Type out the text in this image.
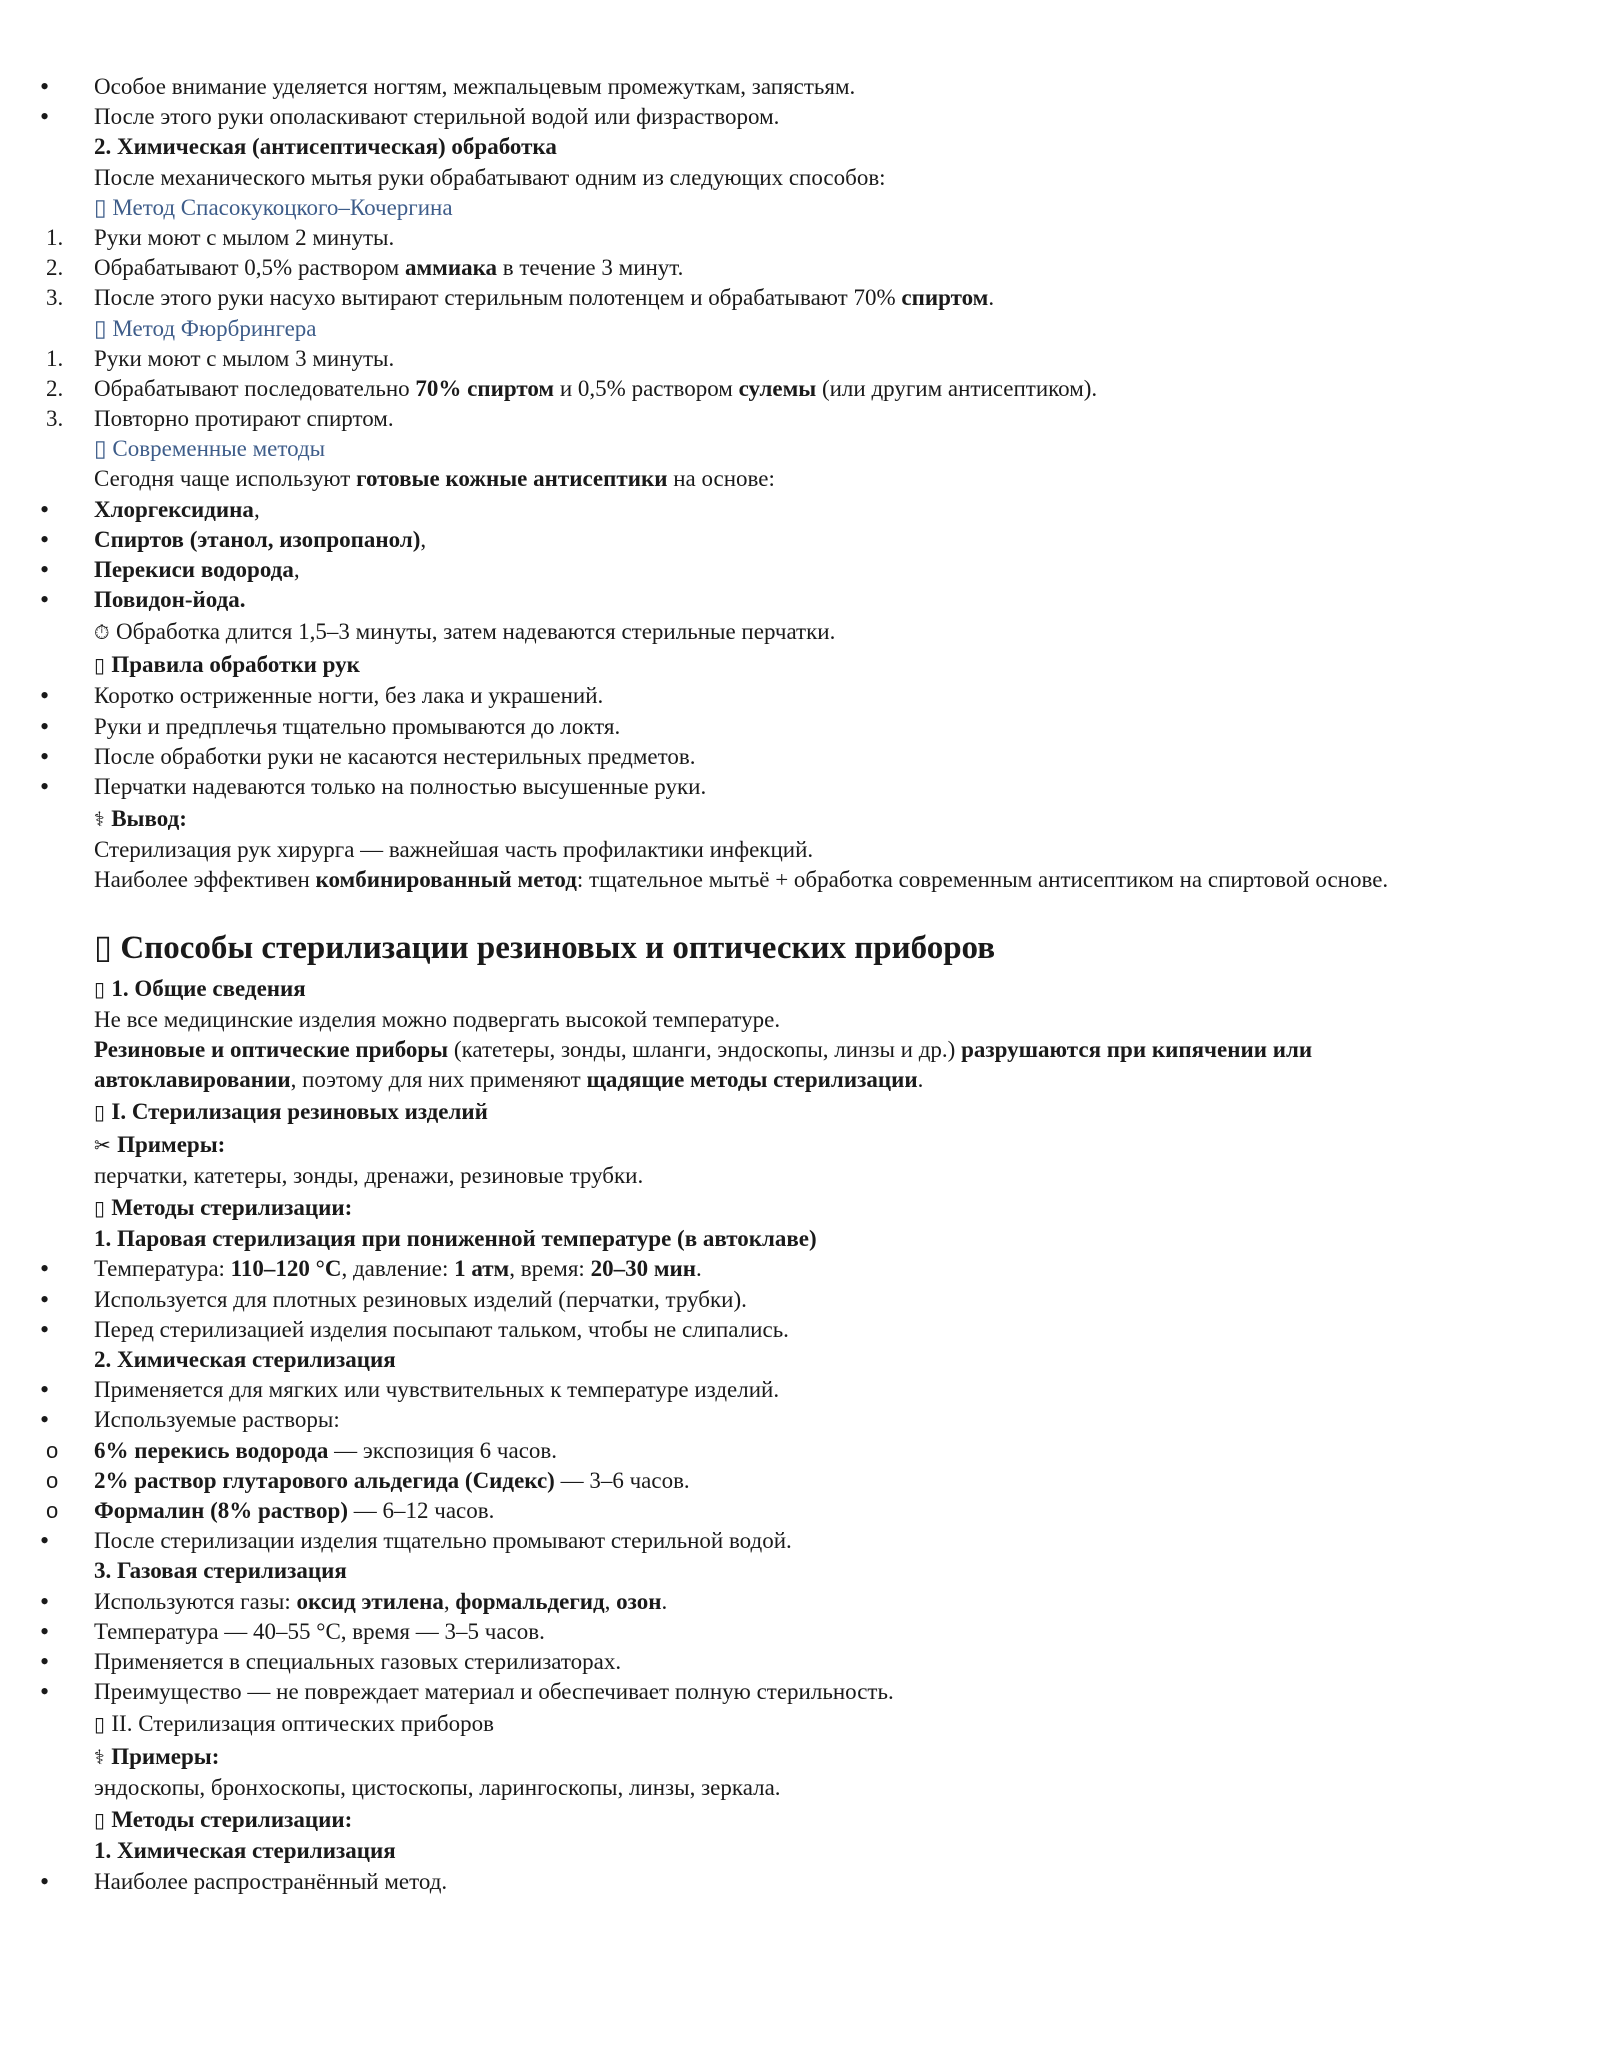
•
Особое внимание уделяется ногтям, межпальцевым промежуткам, запястьям.
•
После этого руки ополаскивают стерильной водой или физраствором.
2. Химическая (антисептическая) обработка
После механического мытья руки обрабатывают одним из следующих способов:
▯ Метод Спасокукоцкого–Кочергина
1.	Руки моют с мылом 2 минуты.
2.	Обрабатывают 0,5% раствором аммиака в течение 3 минут.
3.	После этого руки насухо вытирают стерильным полотенцем и обрабатывают 70% спиртом.
▯ Метод Фюрбрингера
1.	Руки моют с мылом 3 минуты.
2.	Обрабатывают последовательно 70% спиртом и 0,5% раствором сулемы (или другим антисептиком).
3.	Повторно протирают спиртом.
▯ Современные методы
Сегодня чаще используют готовые кожные антисептики на основе:
•
Хлоргексидина,
•
Спиртов (этанол, изопропанол),
•
Перекиси водорода,
•
Повидон-йода.
⏱ Обработка длится 1,5–3 минуты, затем надеваются стерильные перчатки.
▯ Правила обработки рук
•
Коротко остриженные ногти, без лака и украшений.
•
Руки и предплечья тщательно промываются до локтя.
•
После обработки руки не касаются нестерильных предметов.
•
Перчатки надеваются только на полностью высушенные руки.
⚕ Вывод:
Стерилизация рук хирурга — важнейшая часть профилактики инфекций.
Наиболее эффективен комбинированный метод: тщательное мытьё + обработка современным антисептиком на спиртовой основе.
▯ Способы стерилизации резиновых и оптических приборов
▯ 1. Общие сведения
Не все медицинские изделия можно подвергать высокой температуре.
Резиновые и оптические приборы (катетеры, зонды, шланги, эндоскопы, линзы и др.) разрушаются при кипячении или автоклавировании, поэтому для них применяют щадящие методы стерилизации.
▯ I. Стерилизация резиновых изделий
✂ Примеры:
перчатки, катетеры, зонды, дренажи, резиновые трубки.
▯ Методы стерилизации:
1. Паровая стерилизация при пониженной температуре (в автоклаве)
•
Температура: 110–120 °C, давление: 1 атм, время: 20–30 мин.
•
Используется для плотных резиновых изделий (перчатки, трубки).
•
Перед стерилизацией изделия посыпают тальком, чтобы не слипались.
2. Химическая стерилизация
•
Применяется для мягких или чувствительных к температуре изделий.
•
Используемые растворы:
o
6% перекись водорода — экспозиция 6 часов.
o
2% раствор глутарового альдегида (Сидекс) — 3–6 часов.
o
Формалин (8% раствор) — 6–12 часов.
•
После стерилизации изделия тщательно промывают стерильной водой.
3. Газовая стерилизация
•
Используются газы: оксид этилена, формальдегид, озон.
•
Температура — 40–55 °C, время — 3–5 часов.
•
Применяется в специальных газовых стерилизаторах.
•
Преимущество — не повреждает материал и обеспечивает полную стерильность.
▯ II. Стерилизация оптических приборов
⚕ Примеры:
эндоскопы, бронхоскопы, цистоскопы, ларингоскопы, линзы, зеркала.
▯ Методы стерилизации:
1. Химическая стерилизация
•
Наиболее распространённый метод.
